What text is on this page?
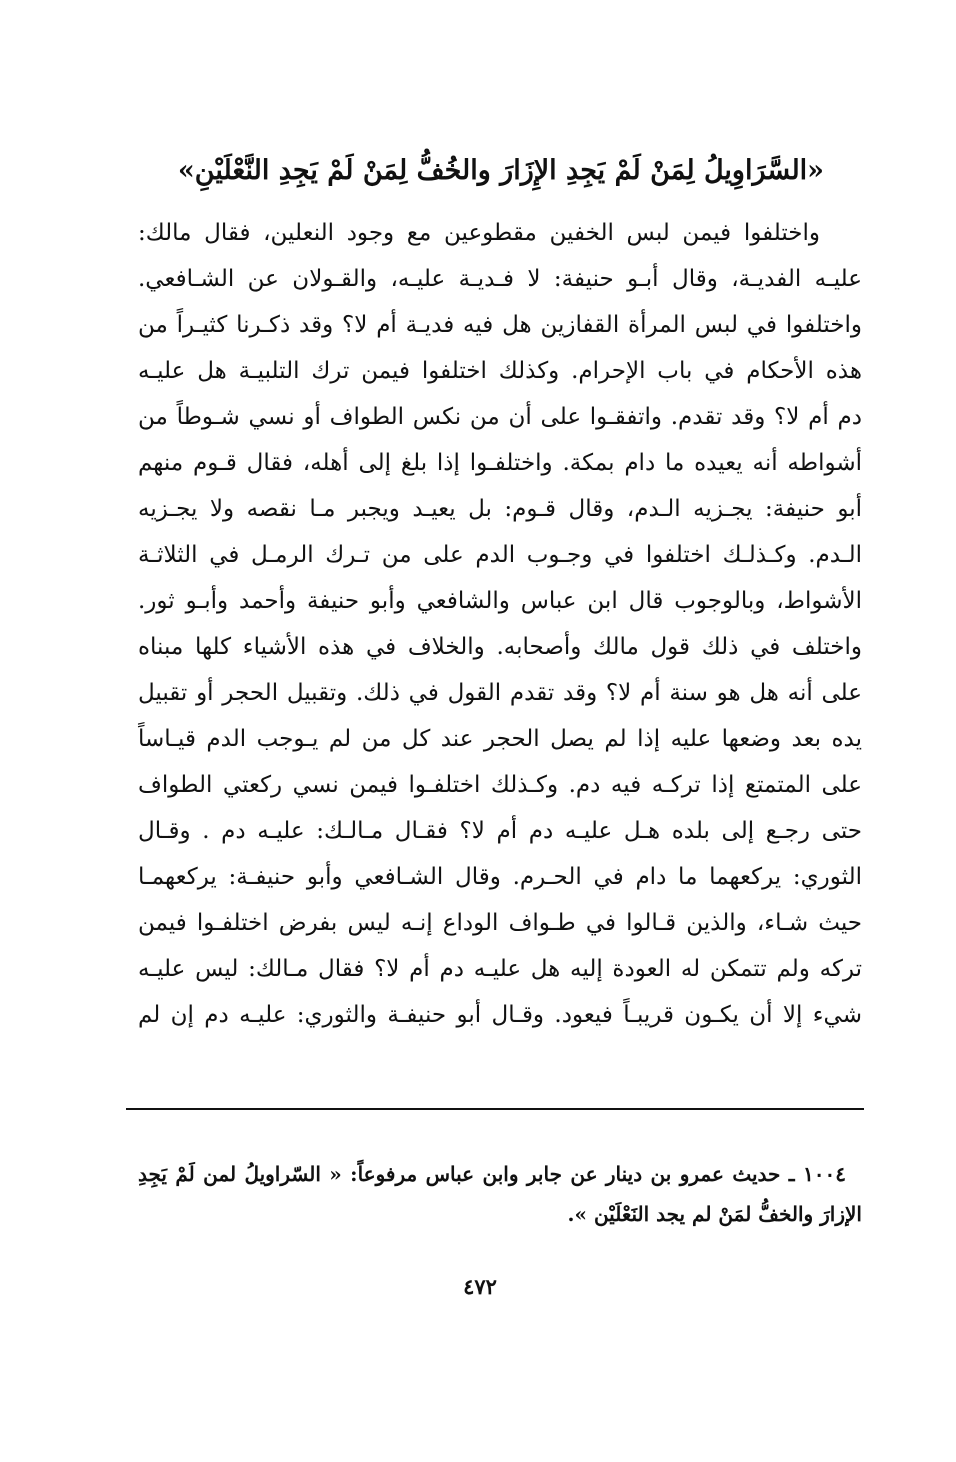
«السَّرَاوِيلُ لِمَنْ لَمْ يَجِدِ الإِزَارَ والخُفُّ لِمَنْ لَمْ يَجِدِ النَّعْلَيْنِ»
واختلفوا فيمن لبس الخفين مقطوعين مع وجود النعلين، فقال مالك:
عليـه الفديـة، وقال أبـو حنيفة: لا فـديـة عليـه، والقـولان عن الشـافعي.
واختلفوا في لبس المرأة القفازين هل فيه فديـة أم لا؟ وقد ذكـرنا كثيـراً من
هذه الأحكام في باب الإحرام. وكذلك اختلفوا فيمن ترك التلبيـة هل عليـه
دم أم لا؟ وقد تقدم. واتفقـوا على أن من نكس الطواف أو نسي شـوطاً من
أشواطه أنه يعيده ما دام بمكة. واختلفـوا إذا بلغ إلى أهله، فقال قـوم منهم
أبو حنيفة: يجـزيه الـدم، وقال قـوم: بل يعيـد ويجبر مـا نقصه ولا يجـزيه
الـدم. وكـذلـك اختلفوا في وجـوب الدم على من تـرك الرمـل في الثلاثـة
الأشواط، وبالوجوب قال ابن عباس والشافعي وأبو حنيفة وأحمد وأبـو ثور.
واختلف في ذلك قول مالك وأصحابه. والخلاف في هذه الأشياء كلها مبناه
على أنه هل هو سنة أم لا؟ وقد تقدم القول في ذلك. وتقبيل الحجر أو تقبيل
يده بعد وضعها عليه إذا لم يصل الحجر عند كل من لم يـوجب الدم قيـاساً
على المتمتع إذا تركـه فيه دم. وكـذلك اختلفـوا فيمن نسي ركعتي الطواف
حتى رجـع إلى بلده هـل عليـه دم أم لا؟ فقـال مـالـك: عليـه دم . وقـال
الثوري: يركعهما ما دام في الحـرم. وقال الشـافعي وأبو حنيفـة: يركعهمـا
حيث شـاء، والذين قـالوا في طـواف الوداع إنـه ليس بفرض اختلفـوا فيمن
تركه ولم تتمكن له العودة إليه هل عليـه دم أم لا؟ فقال مـالك: ليس عليـه
شيء إلا أن يكـون قريبـاً فيعود. وقـال أبو حنيفـة والثوري: عليـه دم إن لم
١٠٠٤ ـ حديث عمرو بن دينار عن جابر وابن عباس مرفوعاً: « السّراويلُ لمن لَمْ يَجِدِ
الإزارَ والخفُّ لمَنْ لم يجد النَعْلَيْن ».
٤٧٢
